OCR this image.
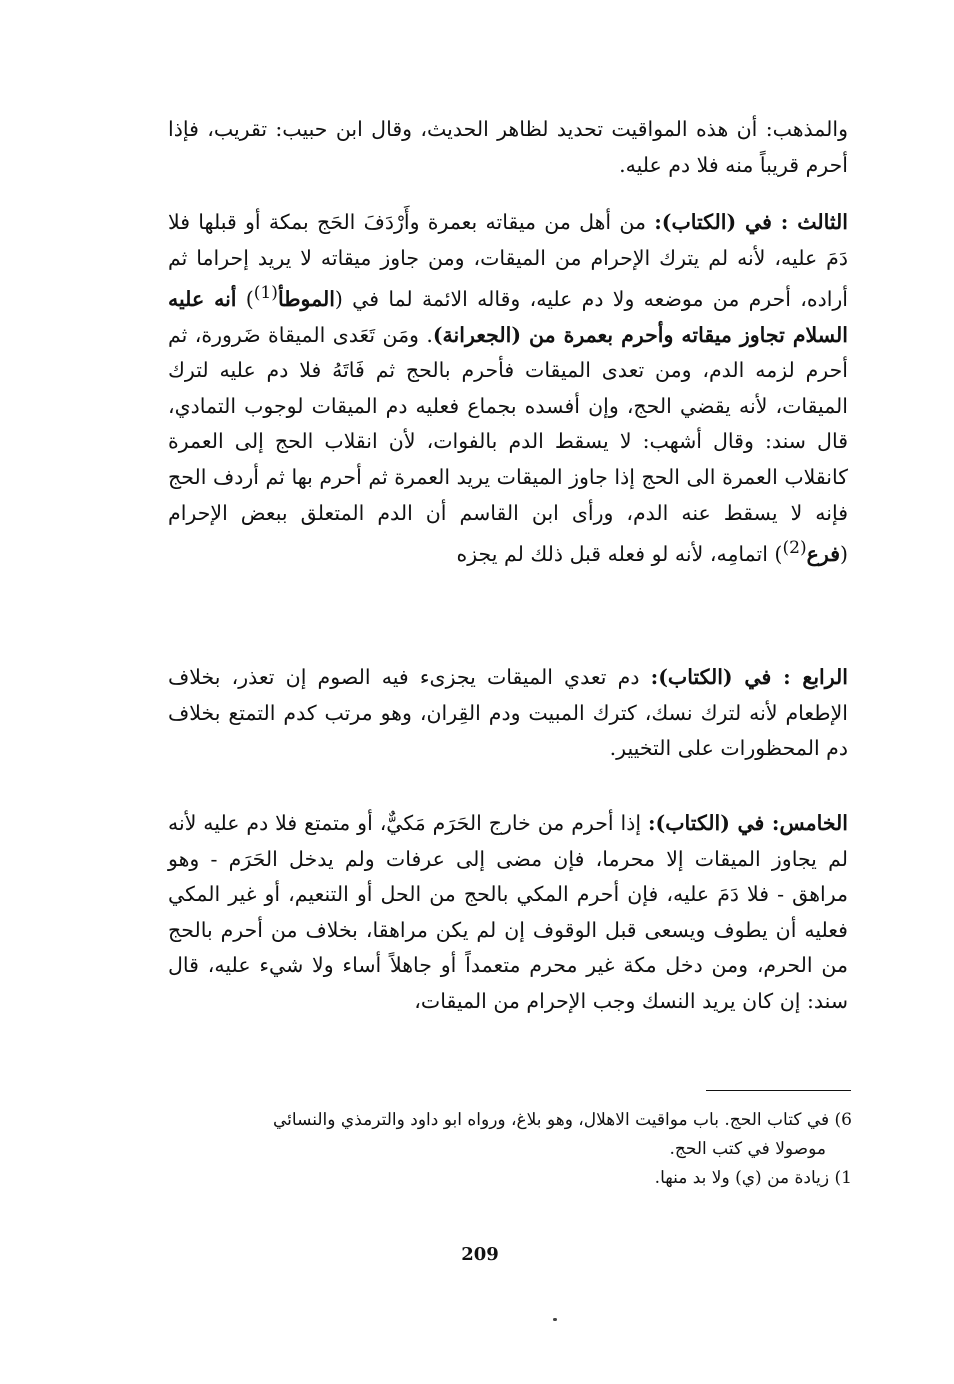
والمذهب: أن هذه المواقيت تحديد لظاهر الحديث، وقال ابن حبيب: تقريب، فإذا أحرم قريباً منه فلا دم عليه.

الثالث : في (الكتاب): من أهل من ميقاته بعمرة وأَرْدَفَ الحَج بمكة أو قبلها فلا دَمَ عليه، لأنه لم يترك الإحرام من الميقات، ومن جاوز ميقاته لا يريد إحراما ثم أراده، أحرم من موضعه ولا دم عليه، وقاله الائمة لما في (الموطأ$^{(1)}$) أنه عليه السلام تجاوز ميقاته وأحرم بعمرة من (الجعرانة). ومَن تَعَدى الميقاة ضَرورة، ثم أحرم لزمه الدم، ومن تعدى الميقات فأحرم بالحج ثم فَاتَهُ فلا دم عليه لترك الميقات، لأنه يقضي الحج، وإن أفسده بجماع فعليه دم الميقات لوجوب التمادي، قال سند: وقال أشهب: لا يسقط الدم بالفوات، لأن انقلاب الحج إلى العمرة كانقلاب العمرة الى الحج إذا جاوز الميقات يريد العمرة ثم أحرم بها ثم أردف الحج فإنه لا يسقط عنه الدم، ورأى ابن القاسم أن الدم المتعلق ببعض الإحرام (فرع$^{(2)}$) اتمامِه، لأنه لو فعله قبل ذلك لم يجزه

الرابع : في (الكتاب): دم تعدي الميقات يجزىء فيه الصوم إن تعذر، بخلاف الإطعام لأنه لترك نسك، كترك المبيت ودم القِران، وهو مرتب كدم التمتع بخلاف دم المحظورات على التخيير.

الخامس: في (الكتاب): إذا أحرم من خارج الحَرَم مَكيٌّ، أو متمتع فلا دم عليه لأنه لم يجاوز الميقات إلا محرما، فإن مضى إلى عرفات ولم يدخل الحَرَم - وهو مراهق - فلا دَمَ عليه، فإن أحرم المكي بالحج من الحل أو التنعيم، أو غير المكي فعليه أن يطوف ويسعى قبل الوقوف إن لم يكن مراهقا، بخلاف من أحرم بالحج من الحرم، ومن دخل مكة غير محرم متعمداً أو جاهلاً أساء ولا شيء عليه، قال سند: إن كان يريد النسك وجب الإحرام من الميقات،

6) في كتاب الحج. باب مواقيت الاهلال، وهو بلاغ، ورواه ابو داود والترمذي والنسائي

موصولا في كتب الحج.

1) زيادة من (ي) ولا بد منها.

209
